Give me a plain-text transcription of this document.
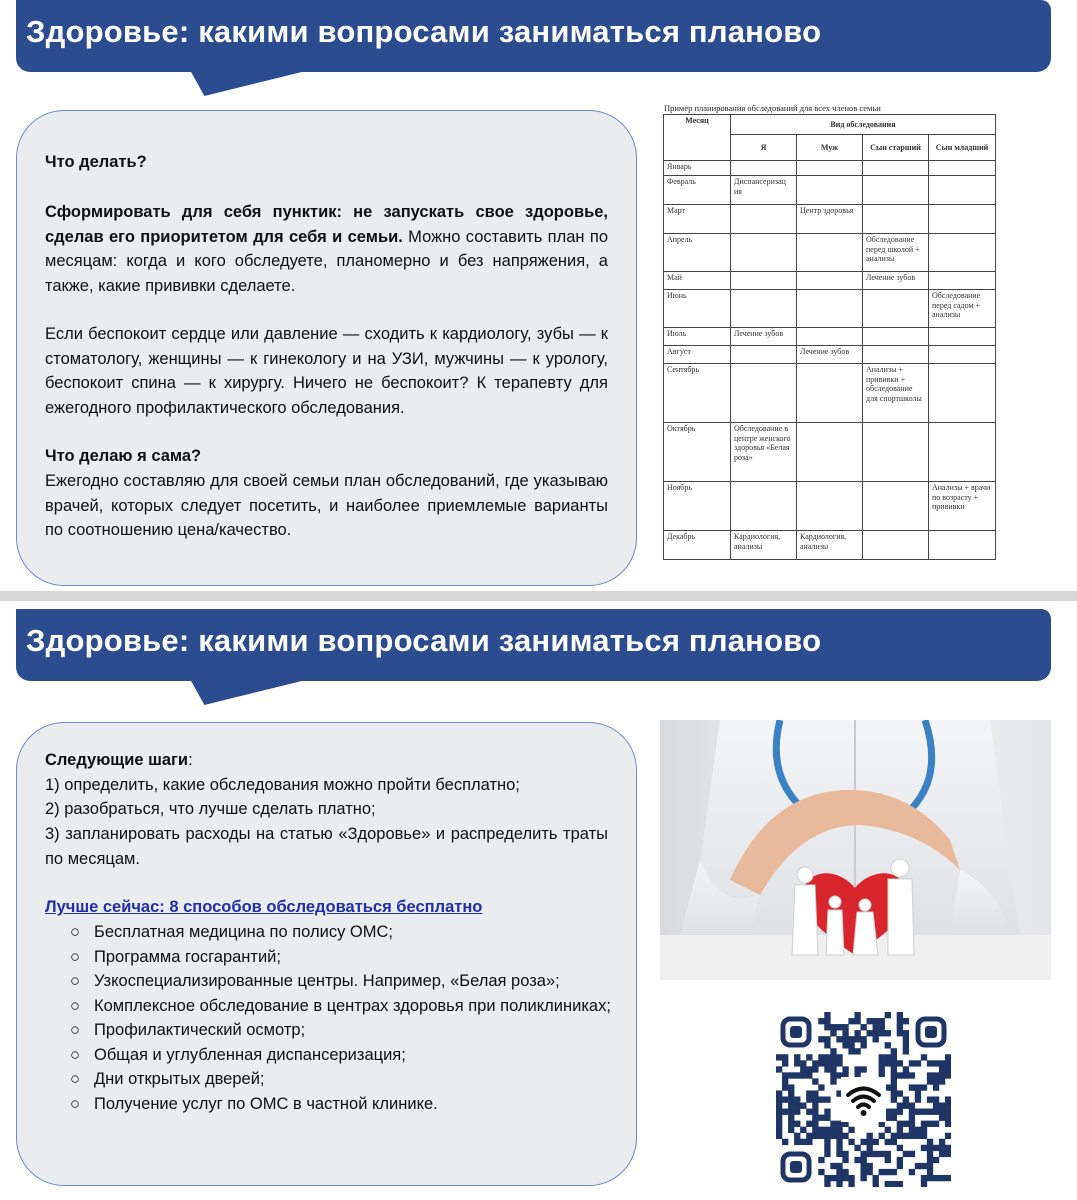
Здоровье: какими вопросами заниматься планово
Что делать?
Сформировать для себя пунктик: не запускать свое здоровье, сделав его приоритетом для себя и семьи. Можно составить план по месяцам: когда и кого обследуете, планомерно и без напряжения, а также, какие прививки сделаете.
Если беспокоит сердце или давление — сходить к кардиологу, зубы — к стоматологу, женщины — к гинекологу и на УЗИ, мужчины — к урологу, беспокоит спина — к хирургу. Ничего не беспокоит? К терапевту для ежегодного профилактического обследования.
Что делаю я сама?
Ежегодно составляю для своей семьи план обследований, где указываю врачей, которых следует посетить, и наиболее приемлемые варианты по соотношению цена/качество.
Пример планирования обследований для всех членов семьи
Месяц	Вид обследования			
	Я	Муж	Сын старший	Сын младший
Январь				
Февраль	Диспансеризац ия			
Март		Центр здоровья		
Апрель			Обследование перед школой + анализы	
Май			Лечение зубов	
Июнь				Обследование перед садом + анализы
Июль	Лечение зубов			
Август		Лечение зубов		
Сентябрь			Анализы + прививки + обследование для спортшколы	
Октябрь	Обследование в центре женского здоровья «Белая роза»			
Ноябрь				Анализы + врачи по возрасту + прививки
Декабрь	Кардиология, анализы	Кардиология, анализы		
Здоровье: какими вопросами заниматься планово
Следующие шаги:
1) определить, какие обследования можно пройти бесплатно;
2) разобраться, что лучше сделать платно;
3) запланировать расходы на статью «Здоровье» и распределить траты по месяцам.
Лучше сейчас: 8 способов обследоваться бесплатно
○ Бесплатная медицина по полису ОМС;
○ Программа госгарантий;
○ Узкоспециализированные центры. Например, «Белая роза»;
○ Комплексное обследование в центрах здоровья при поликлиниках;
○ Профилактический осмотр;
○ Общая и углубленная диспансеризация;
○ Дни открытых дверей;
○ Получение услуг по ОМС в частной клинике.
